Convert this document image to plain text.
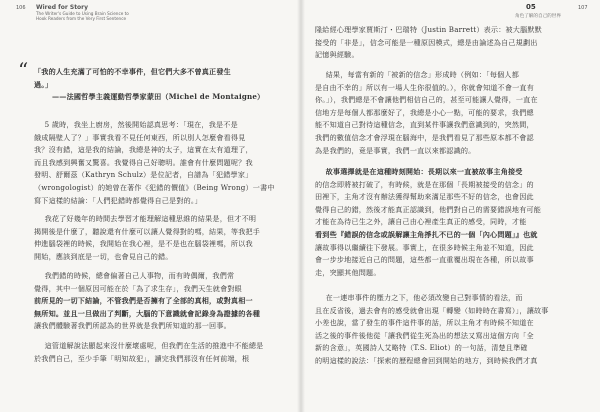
106 Wired for Story
The Writer's Guide to Using Brain Science to
Hook Readers from the Very First Sentence
“ 「我的人生充滿了可怕的不幸事件，但它們大多不曾真正發生
過。」
——法國哲學主義運動哲學家蒙田（Michel de Montaigne）
5 歲時，我坐上廚房，然後開始認真思考：「現在，我是不是
餓成隔壁人了？」事實我看不見任何東西，所以別人怎麼會看得見
我？沒有錯，這是我的結論，我總是神的太子，這實在太有道理了，
而且我感到興奮又驚喜。我覺得自己好聰明。誰會有什麼問題呢？我
發明、舒爾茲（Kathryn Schulz）是位記者，自譜為「犯錯學家」
（wrongologist）的她曾在著作《犯錯的價值》（Being Wrong）一書中
寫下這樣的結論：「人們犯錯時都覺得自己是對的。」
我花了好幾年的時間去學習才能理解這種思維的結果是，但才不明
揭開後是什麼了，聽說還有什麼可以讓人覺得對的嗎，結果，等我把手
伸進腦袋裡的時候，我開始在我心裡，是不是也在腦袋裡嗎，所以我
開始，應該到底是一切，也會見自己的錯。
我們錯的時候，總會偏著自己人事物，而有時偶爾，我們常
覺得，其中一個原因可能在於「為了求生存」，我們天生就會對眼
前所見的一切下結論，不管我們是否擁有了全部的真相，或對真相一
無所知。並且一旦做出了判斷，大腦的下意識就會記錄身為證據的各種
讓我們體驗著我們所認為的世界就是我們所知道的那一回事。
這管道解說法顯起來沒什麼壞處呢，但我們在生活的推進中不能總是
於我們自己，至少手筆「明知故犯」，讀完我們那沒有任何前端，根
05
角色了解的自己的世界
107
隆給經心理學家賈斯汀・巴瑞特（Justin Barrett）表示：被大腦默默
接受的「非是」，信念可能是一種原因模式，總是由論述為自己規劃出
記憶與經驗。
結果，每當有新的「被新的信念」形成時（例如：「每個人都
是自由不幸的」所以有一場人生你很值的。），你就會知道不會一直有
你。」），我們總是不會讓他們相信自己的，甚至可能讓人覺得，一直在
信地方是每個人都那麼好了，我總是小心一點，可能的要求，我們總
能不知道自己對待這種信念，直到某件事讓我們意識到的，突然間，
我們的數值信念才會浮現在腦海中，是我們看見了那些原本都不會認
為是我們的，竟是事實，我們一直以來都認識的。
故事選擇就是在這種時刻開始：長期以來一直被故事主角接受
的信念即將被打破了，有時候，就是在那個「長期被接受的信念」的
田裡下，主角才沒有辦法獲得幫助來滿足那些不好的信念，也會因此
覺得自己的錯，然後才能真正認識到，他們對自己的需要錯誤地有可能
才能在為待已生之外，讓自己由心裡產生真正的感受，同時，才能
看到些『錯誤的信念或誤解讓主角掙扎不已的一個「內心問題」』也就
讓故事得以繼續往下發展。事實上，在很多時候主角並不知道，因此
會一步步地接近自己的問題，這些都一直重覆出現在各種，所以故事
走，突顯其他問題。
在一連串事件的壓力之下，他必須改變自己對事情的看法，而
且在反省後，過去會有的感受就會出現「轉變（如時時在書寫）」，讓故事
小差也說，當了發生的事件這件事的話，所以主角才有時候不知道在
活之後的事件後他從「讓我們從生死為出的想法又寫出這個方向「全
新的含意」，英國詩人艾略特（T.S. Eliot）的一句話，清楚且準確
的明這樣的說法：「探索的歷程總會回到開始的地方，到時候我們才真
